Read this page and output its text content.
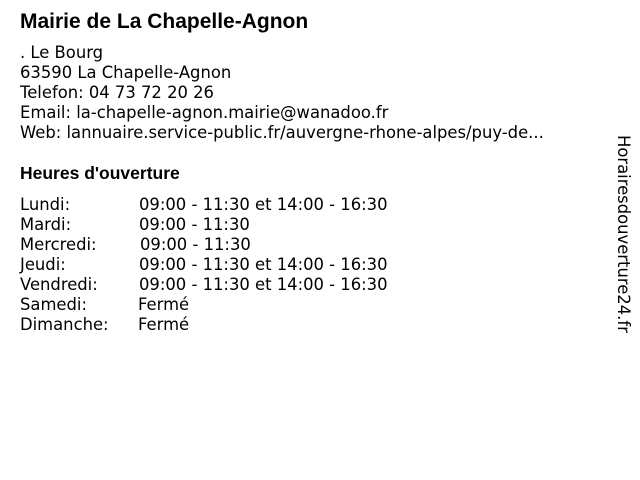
Mairie de La Chapelle-Agnon
. Le Bourg
63590 La Chapelle-Agnon
Telefon: 04 73 72 20 26
Email: la-chapelle-agnon.mairie@wanadoo.fr
Web: lannuaire.service-public.fr/auvergne-rhone-alpes/puy-de...
Heures d'ouverture
Lundi:	09:00 - 11:30 et 14:00 - 16:30
Mardi:	09:00 - 11:30
Mercredi:	09:00 - 11:30
Jeudi:	09:00 - 11:30 et 14:00 - 16:30
Vendredi:	09:00 - 11:30 et 14:00 - 16:30
Samedi:	Fermé
Dimanche: Fermé	Horairesdouverture24.fr
